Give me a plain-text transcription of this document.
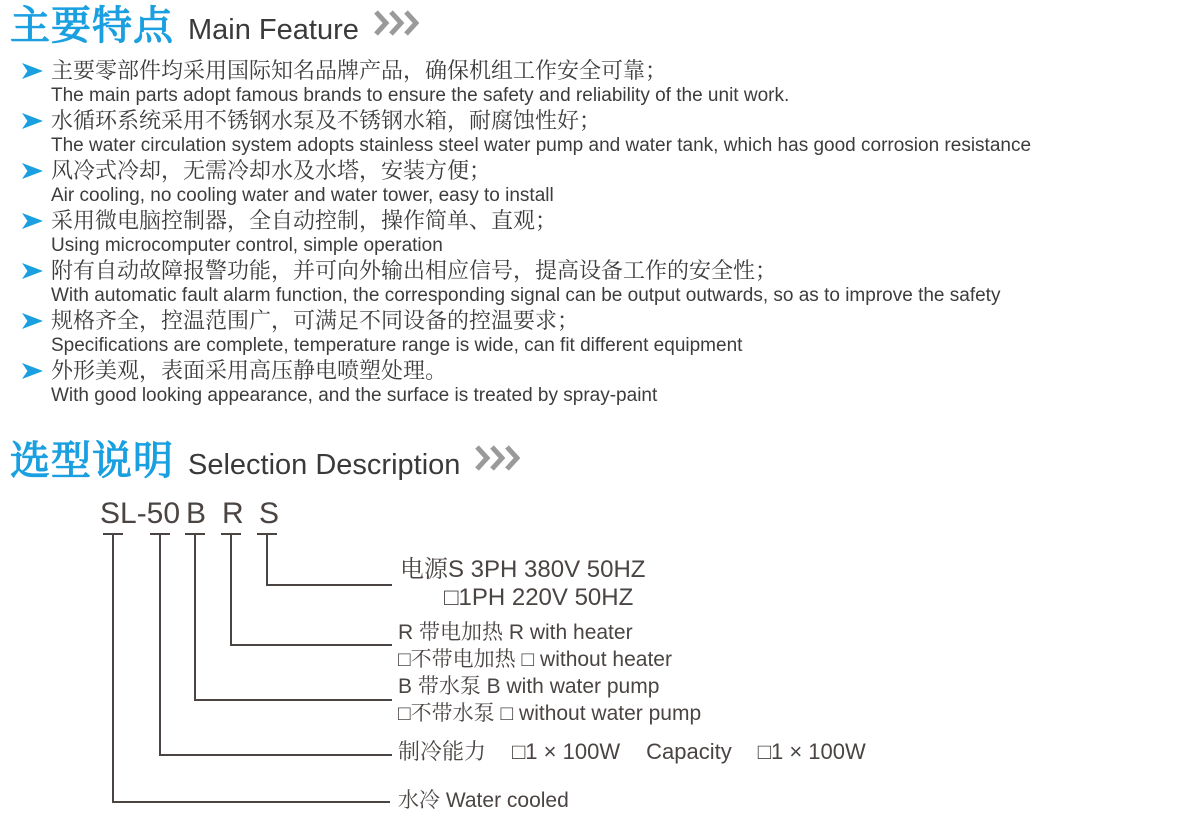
主要特点 Main Feature
主要零部件均采用国际知名品牌产品，确保机组工作安全可靠；
The main parts adopt famous brands to ensure the safety and reliability of the unit work.
水循环系统采用不锈钢水泵及不锈钢水箱，耐腐蚀性好；
The water circulation system adopts stainless steel water pump and water tank, which has good corrosion resistance
风冷式冷却，无需冷却水及水塔，安装方便；
Air cooling, no cooling water and water tower, easy to install
采用微电脑控制器，全自动控制，操作简单、直观；
Using microcomputer control, simple operation
附有自动故障报警功能，并可向外输出相应信号，提高设备工作的安全性；
With automatic fault alarm function, the corresponding signal can be output outwards, so as to improve the safety
规格齐全，控温范围广，可满足不同设备的控温要求；
Specifications are complete, temperature range is wide, can fit different equipment
外形美观，表面采用高压静电喷塑处理。
With good looking appearance, and the surface is treated by spray-paint
选型说明 Selection Description
SL-50 B R S
电源S 3PH 380V 50HZ
□1PH 220V 50HZ
R 带电加热 R with heater
□不带电加热 □ without heater
B 带水泵 B with water pump
□不带水泵 □ without water pump
制冷能力 □1 × 100W Capacity □1 × 100W
水冷 Water cooled
